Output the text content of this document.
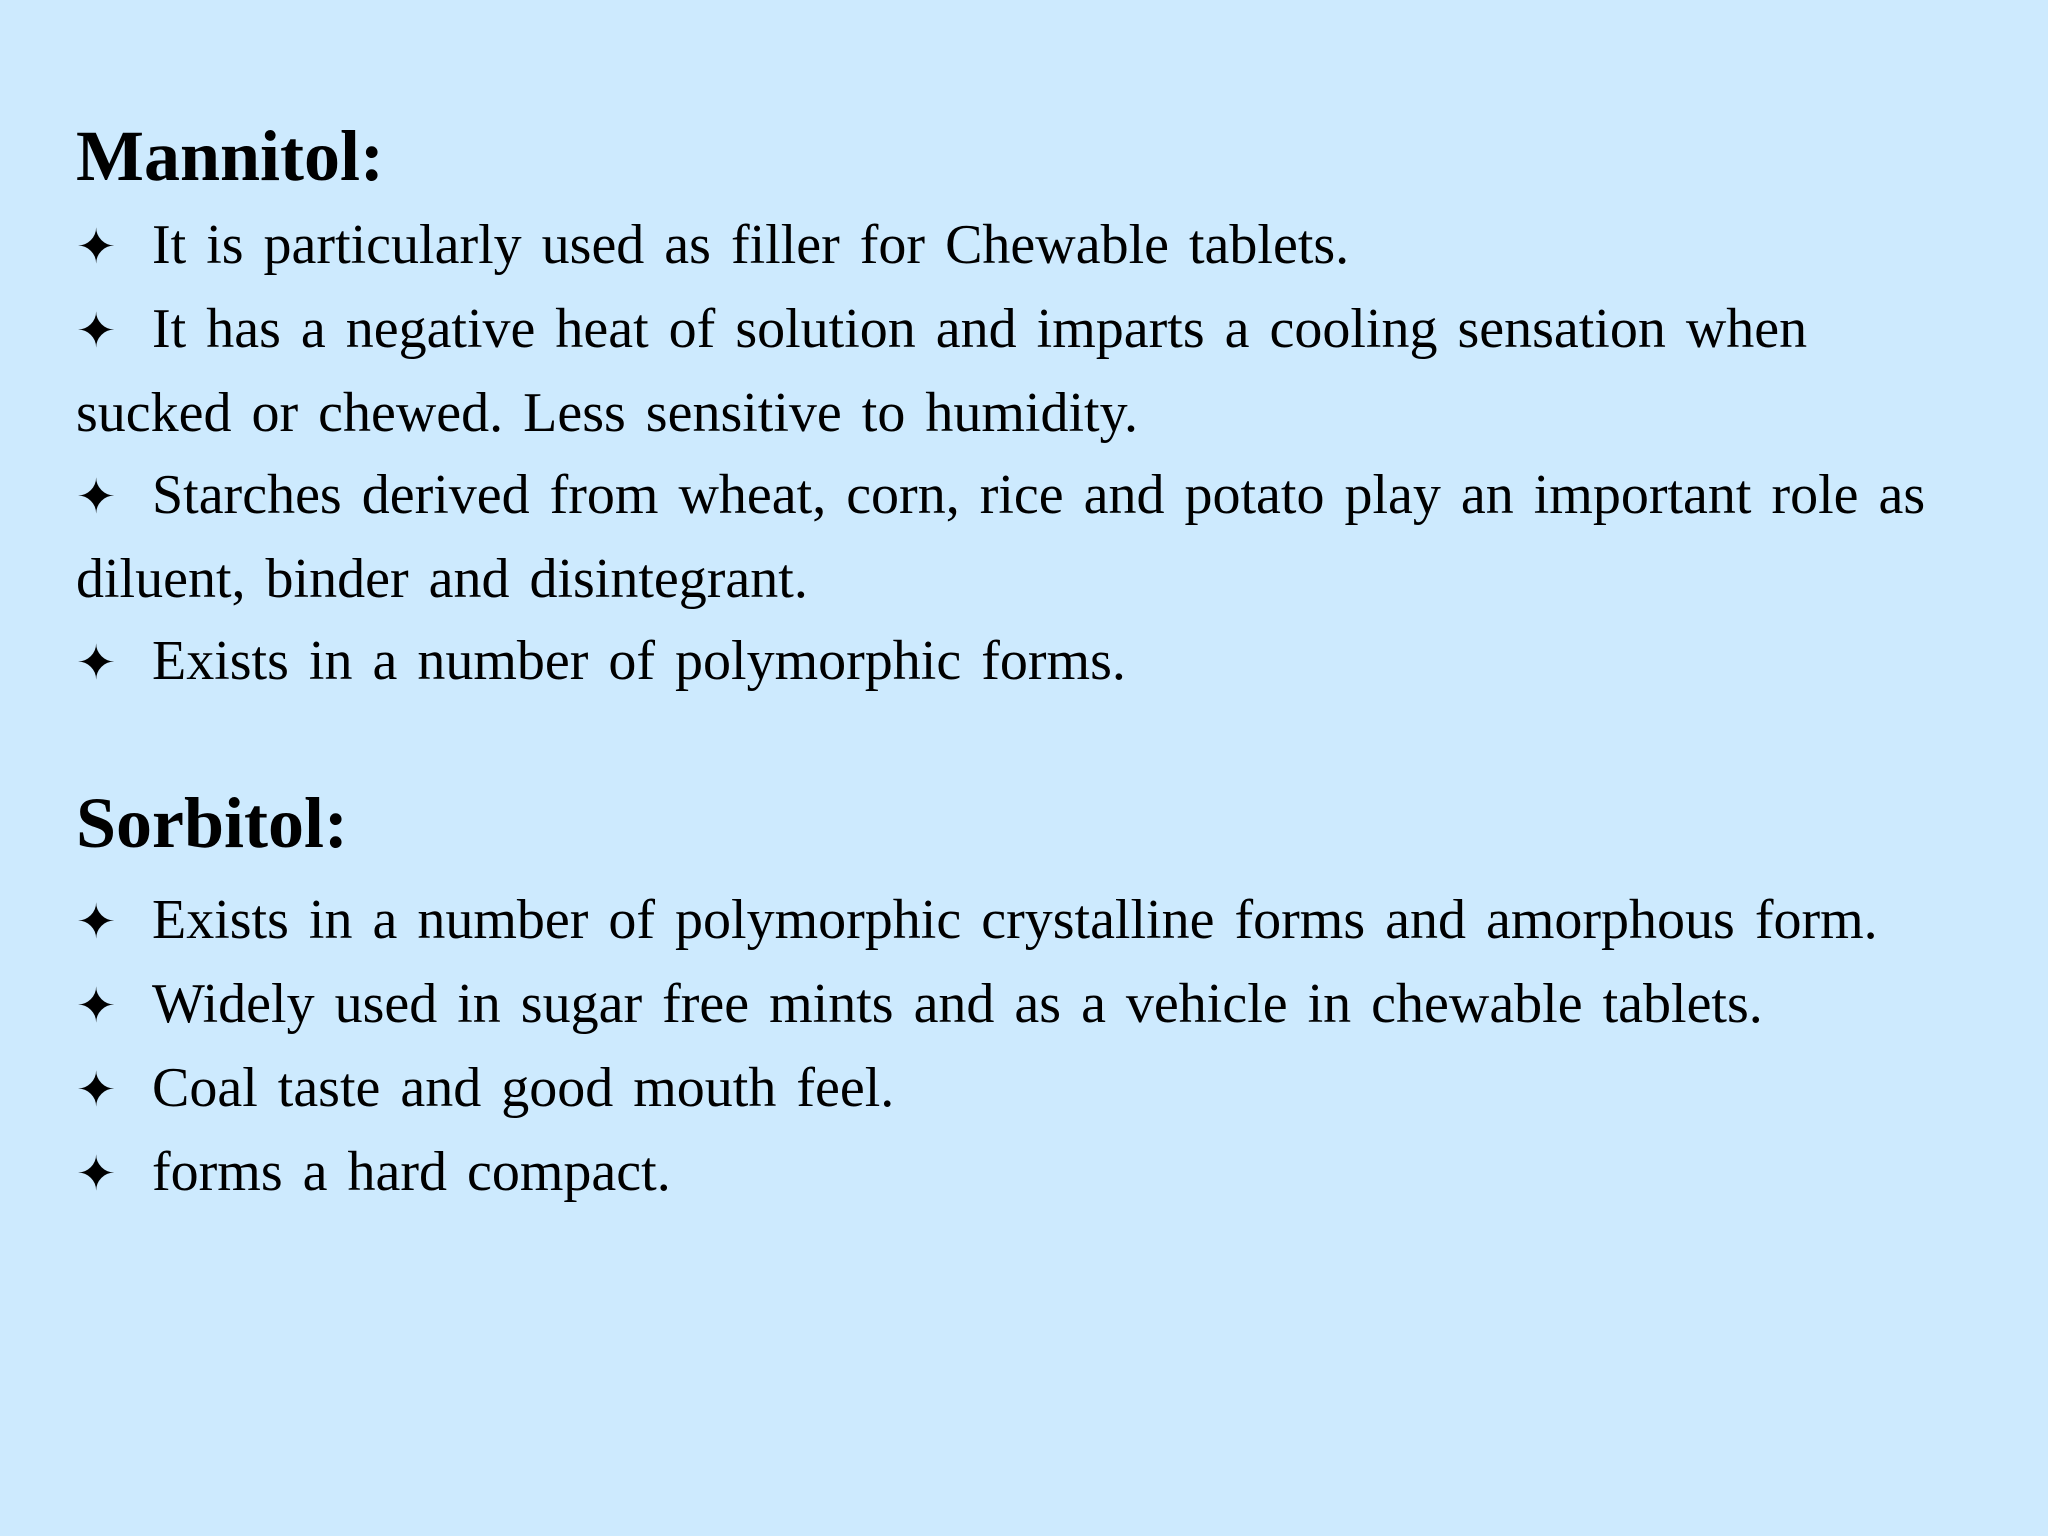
Mannitol:
✦ It is particularly used as filler for Chewable tablets.
✦ It has a negative heat of solution and imparts a cooling sensation when sucked or chewed. Less sensitive to humidity.
✦ Starches derived from wheat, corn, rice and potato play an important role as diluent, binder and disintegrant.
✦ Exists in a number of polymorphic forms.
Sorbitol:
✦ Exists in a number of polymorphic crystalline forms and amorphous form.
✦ Widely used in sugar free mints and as a vehicle in chewable tablets.
✦ Coal taste and good mouth feel.
✦ forms a hard compact.
